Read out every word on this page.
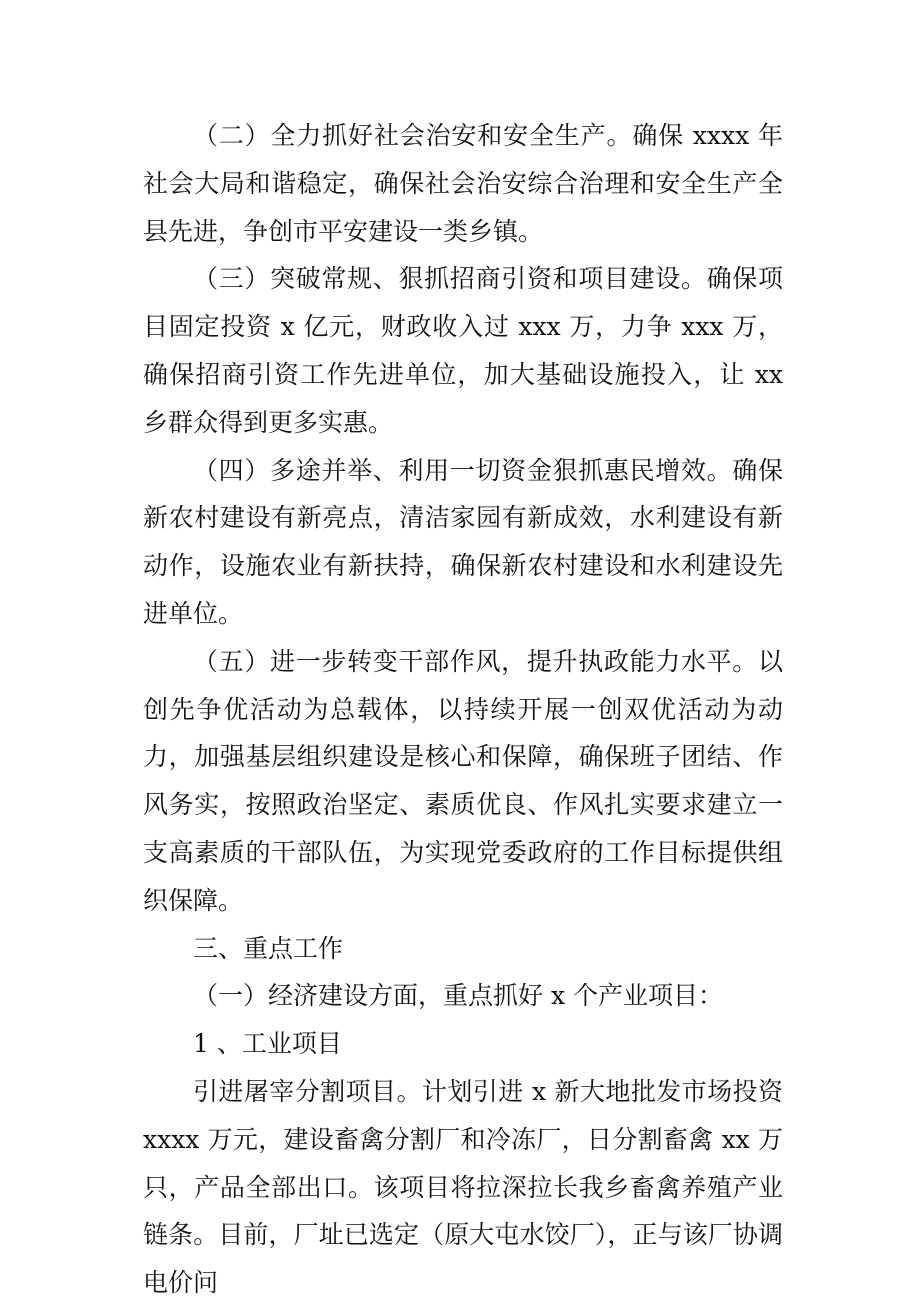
（二）全力抓好社会治安和安全生产。确保 xxxx 年社会大局和谐稳定，确保社会治安综合治理和安全生产全县先进，争创市平安建设一类乡镇。

（三）突破常规、狠抓招商引资和项目建设。确保项目固定投资 x 亿元，财政收入过 xxx 万，力争 xxx 万，确保招商引资工作先进单位，加大基础设施投入，让 xx 乡群众得到更多实惠。

（四）多途并举、利用一切资金狠抓惠民增效。确保新农村建设有新亮点，清洁家园有新成效，水利建设有新动作，设施农业有新扶持，确保新农村建设和水利建设先进单位。

（五）进一步转变干部作风，提升执政能力水平。以创先争优活动为总载体，以持续开展一创双优活动为动力，加强基层组织建设是核心和保障，确保班子团结、作风务实，按照政治坚定、素质优良、作风扎实要求建立一支高素质的干部队伍，为实现党委政府的工作目标提供组织保障。

三、重点工作

（一）经济建设方面，重点抓好 x 个产业项目：

1 、工业项目

引进屠宰分割项目。计划引进 x 新大地批发市场投资 xxxx 万元，建设畜禽分割厂和冷冻厂，日分割畜禽 xx 万只，产品全部出口。该项目将拉深拉长我乡畜禽养殖产业链条。目前，厂址已选定（原大屯水饺厂），正与该厂协调电价问
